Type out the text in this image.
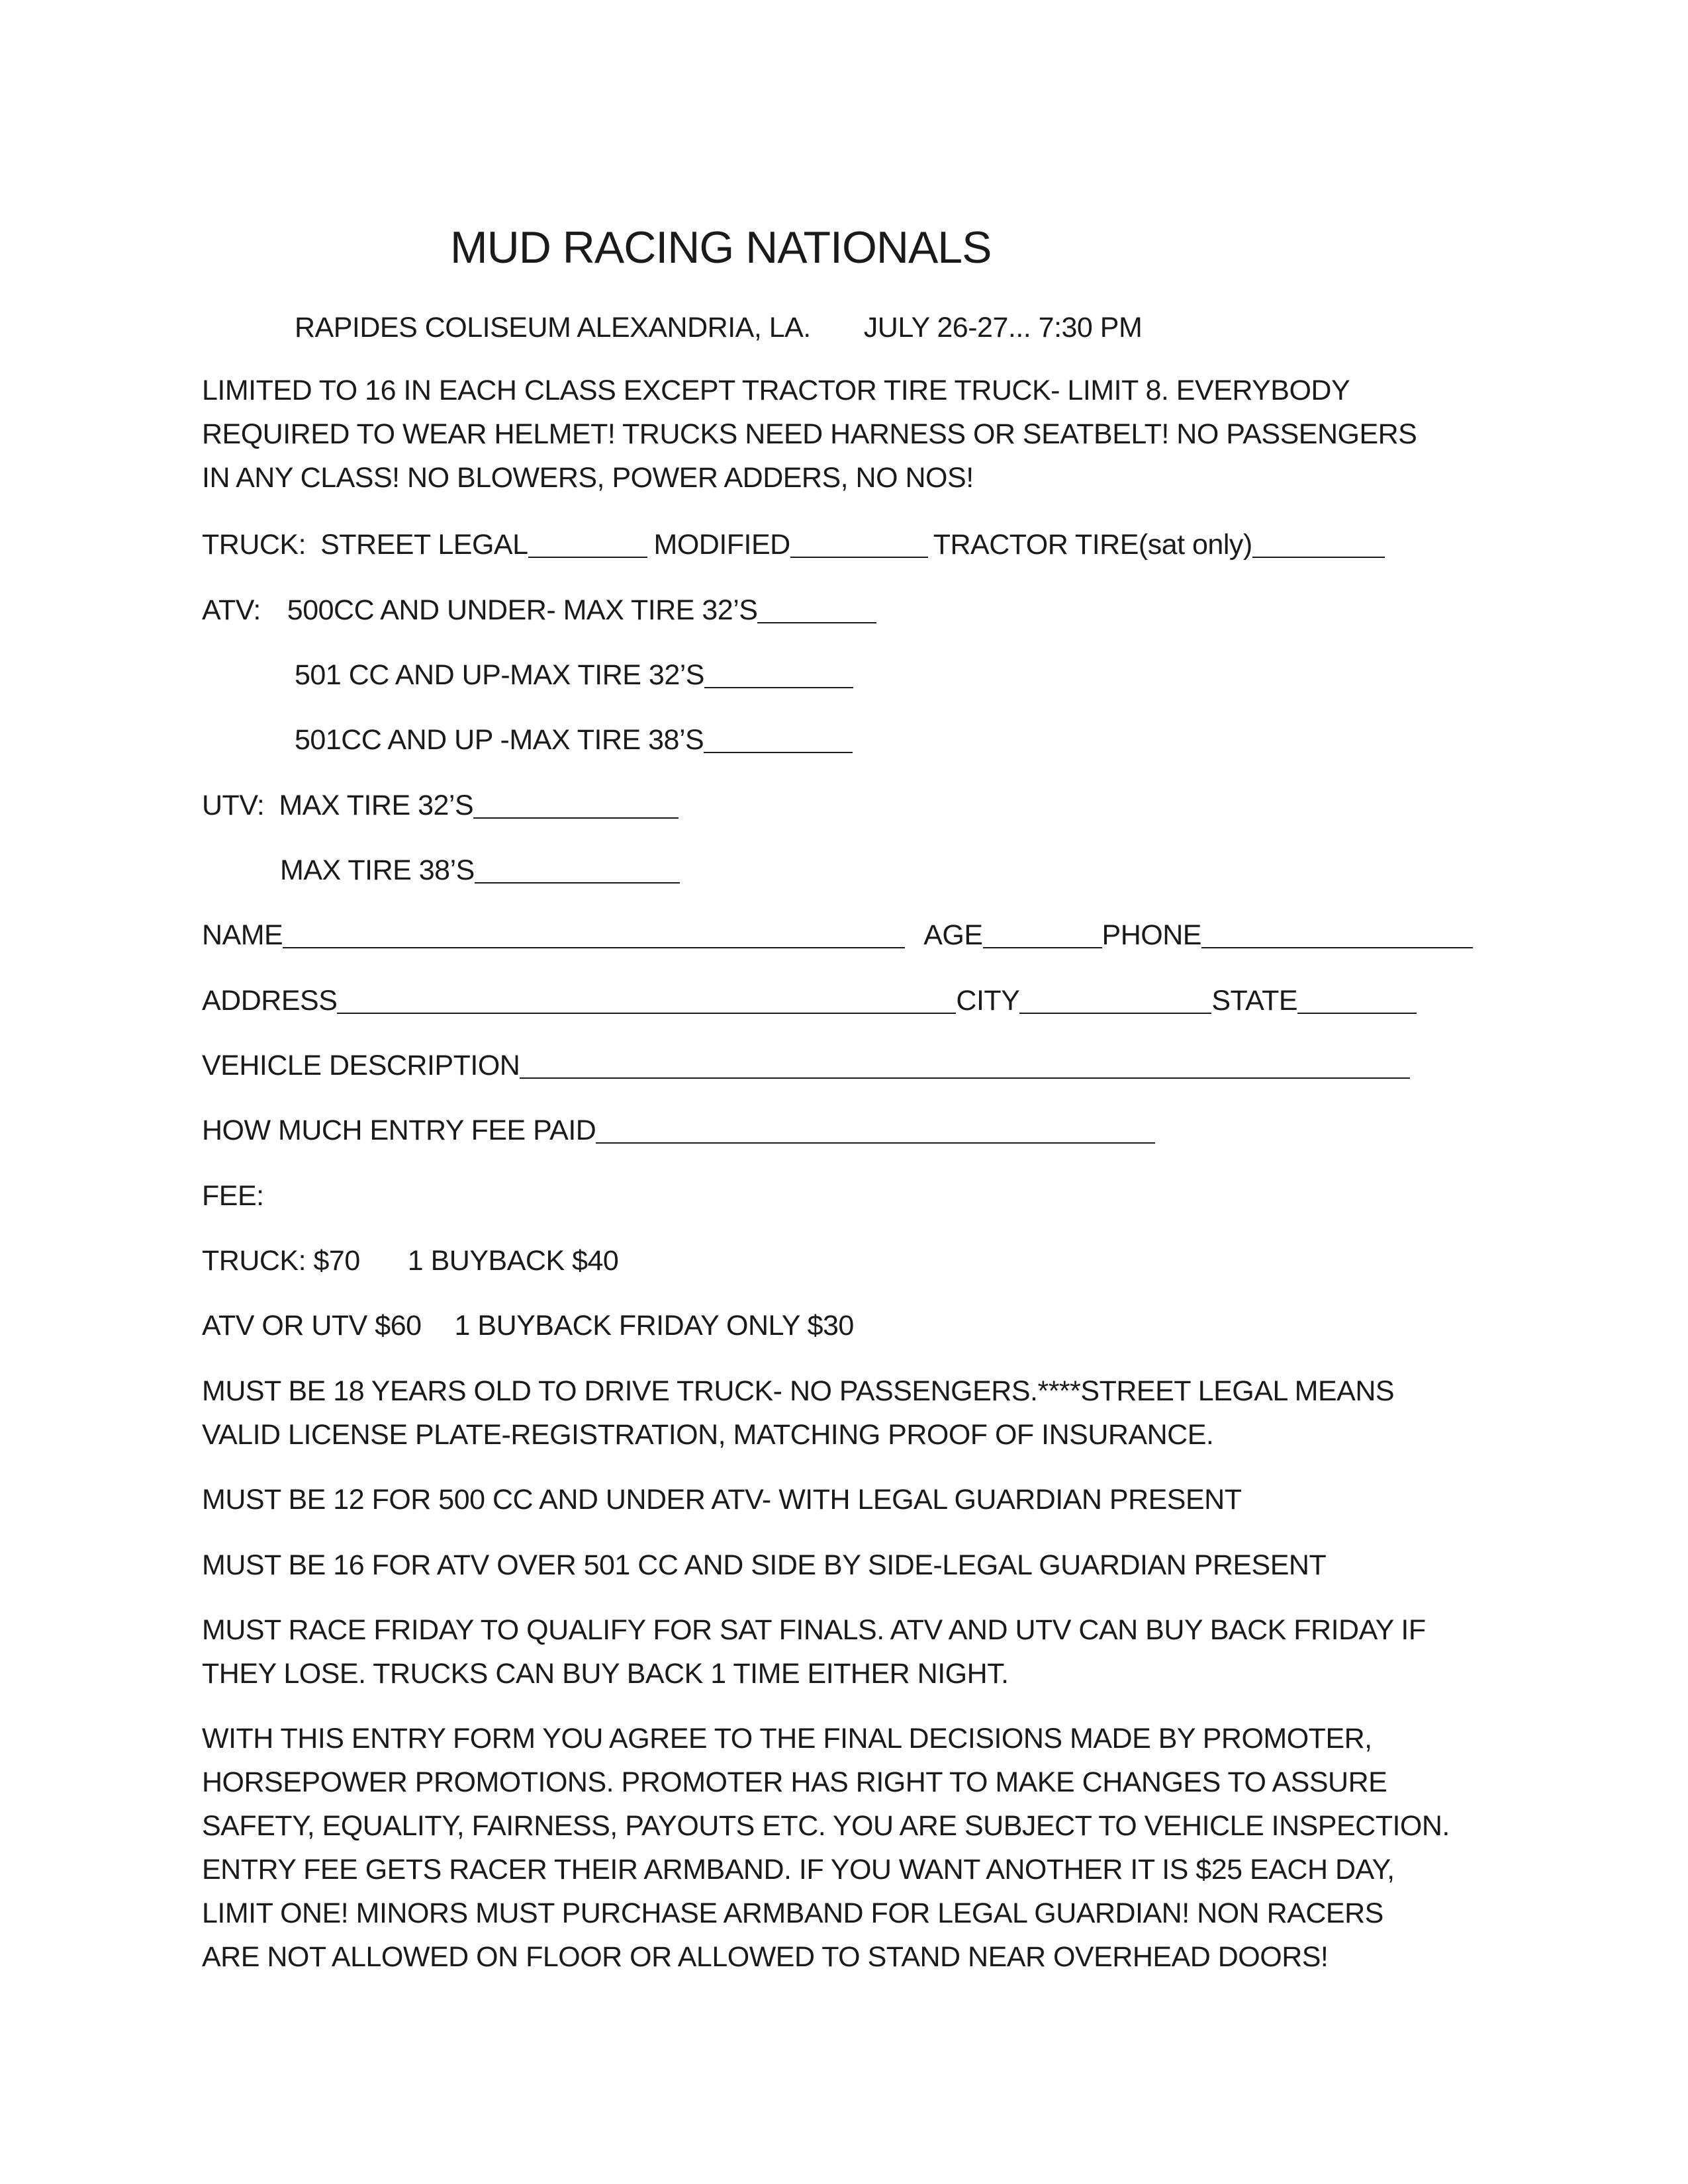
MUD RACING NATIONALS
RAPIDES COLISEUM ALEXANDRIA, LA. JULY 26-27... 7:30 PM
LIMITED TO 16 IN EACH CLASS EXCEPT TRACTOR TIRE TRUCK- LIMIT 8. EVERYBODY
REQUIRED TO WEAR HELMET! TRUCKS NEED HARNESS OR SEATBELT! NO PASSENGERS
IN ANY CLASS! NO BLOWERS, POWER ADDERS, NO NOS!
TRUCK: STREET LEGAL	MODIFIED	TRACTOR TIRE(sat only)
ATV: 500CC AND UNDER- MAX TIRE 32’S
501 CC AND UP-MAX TIRE 32’S
501CC AND UP -MAX TIRE 38’S
UTV: MAX TIRE 32’S
MAX TIRE 38’S
NAME	AGE	PHONE
ADDRESS	CITY	STATE
VEHICLE DESCRIPTION
HOW MUCH ENTRY FEE PAID
FEE:
TRUCK: $70 1 BUYBACK $40
ATV OR UTV $60 1 BUYBACK FRIDAY ONLY $30
MUST BE 18 YEARS OLD TO DRIVE TRUCK- NO PASSENGERS.****STREET LEGAL MEANS
VALID LICENSE PLATE-REGISTRATION, MATCHING PROOF OF INSURANCE.
MUST BE 12 FOR 500 CC AND UNDER ATV- WITH LEGAL GUARDIAN PRESENT
MUST BE 16 FOR ATV OVER 501 CC AND SIDE BY SIDE-LEGAL GUARDIAN PRESENT
MUST RACE FRIDAY TO QUALIFY FOR SAT FINALS. ATV AND UTV CAN BUY BACK FRIDAY IF
THEY LOSE. TRUCKS CAN BUY BACK 1 TIME EITHER NIGHT.
WITH THIS ENTRY FORM YOU AGREE TO THE FINAL DECISIONS MADE BY PROMOTER,
HORSEPOWER PROMOTIONS. PROMOTER HAS RIGHT TO MAKE CHANGES TO ASSURE
SAFETY, EQUALITY, FAIRNESS, PAYOUTS ETC. YOU ARE SUBJECT TO VEHICLE INSPECTION.
ENTRY FEE GETS RACER THEIR ARMBAND. IF YOU WANT ANOTHER IT IS $25 EACH DAY,
LIMIT ONE! MINORS MUST PURCHASE ARMBAND FOR LEGAL GUARDIAN! NON RACERS
ARE NOT ALLOWED ON FLOOR OR ALLOWED TO STAND NEAR OVERHEAD DOORS!
